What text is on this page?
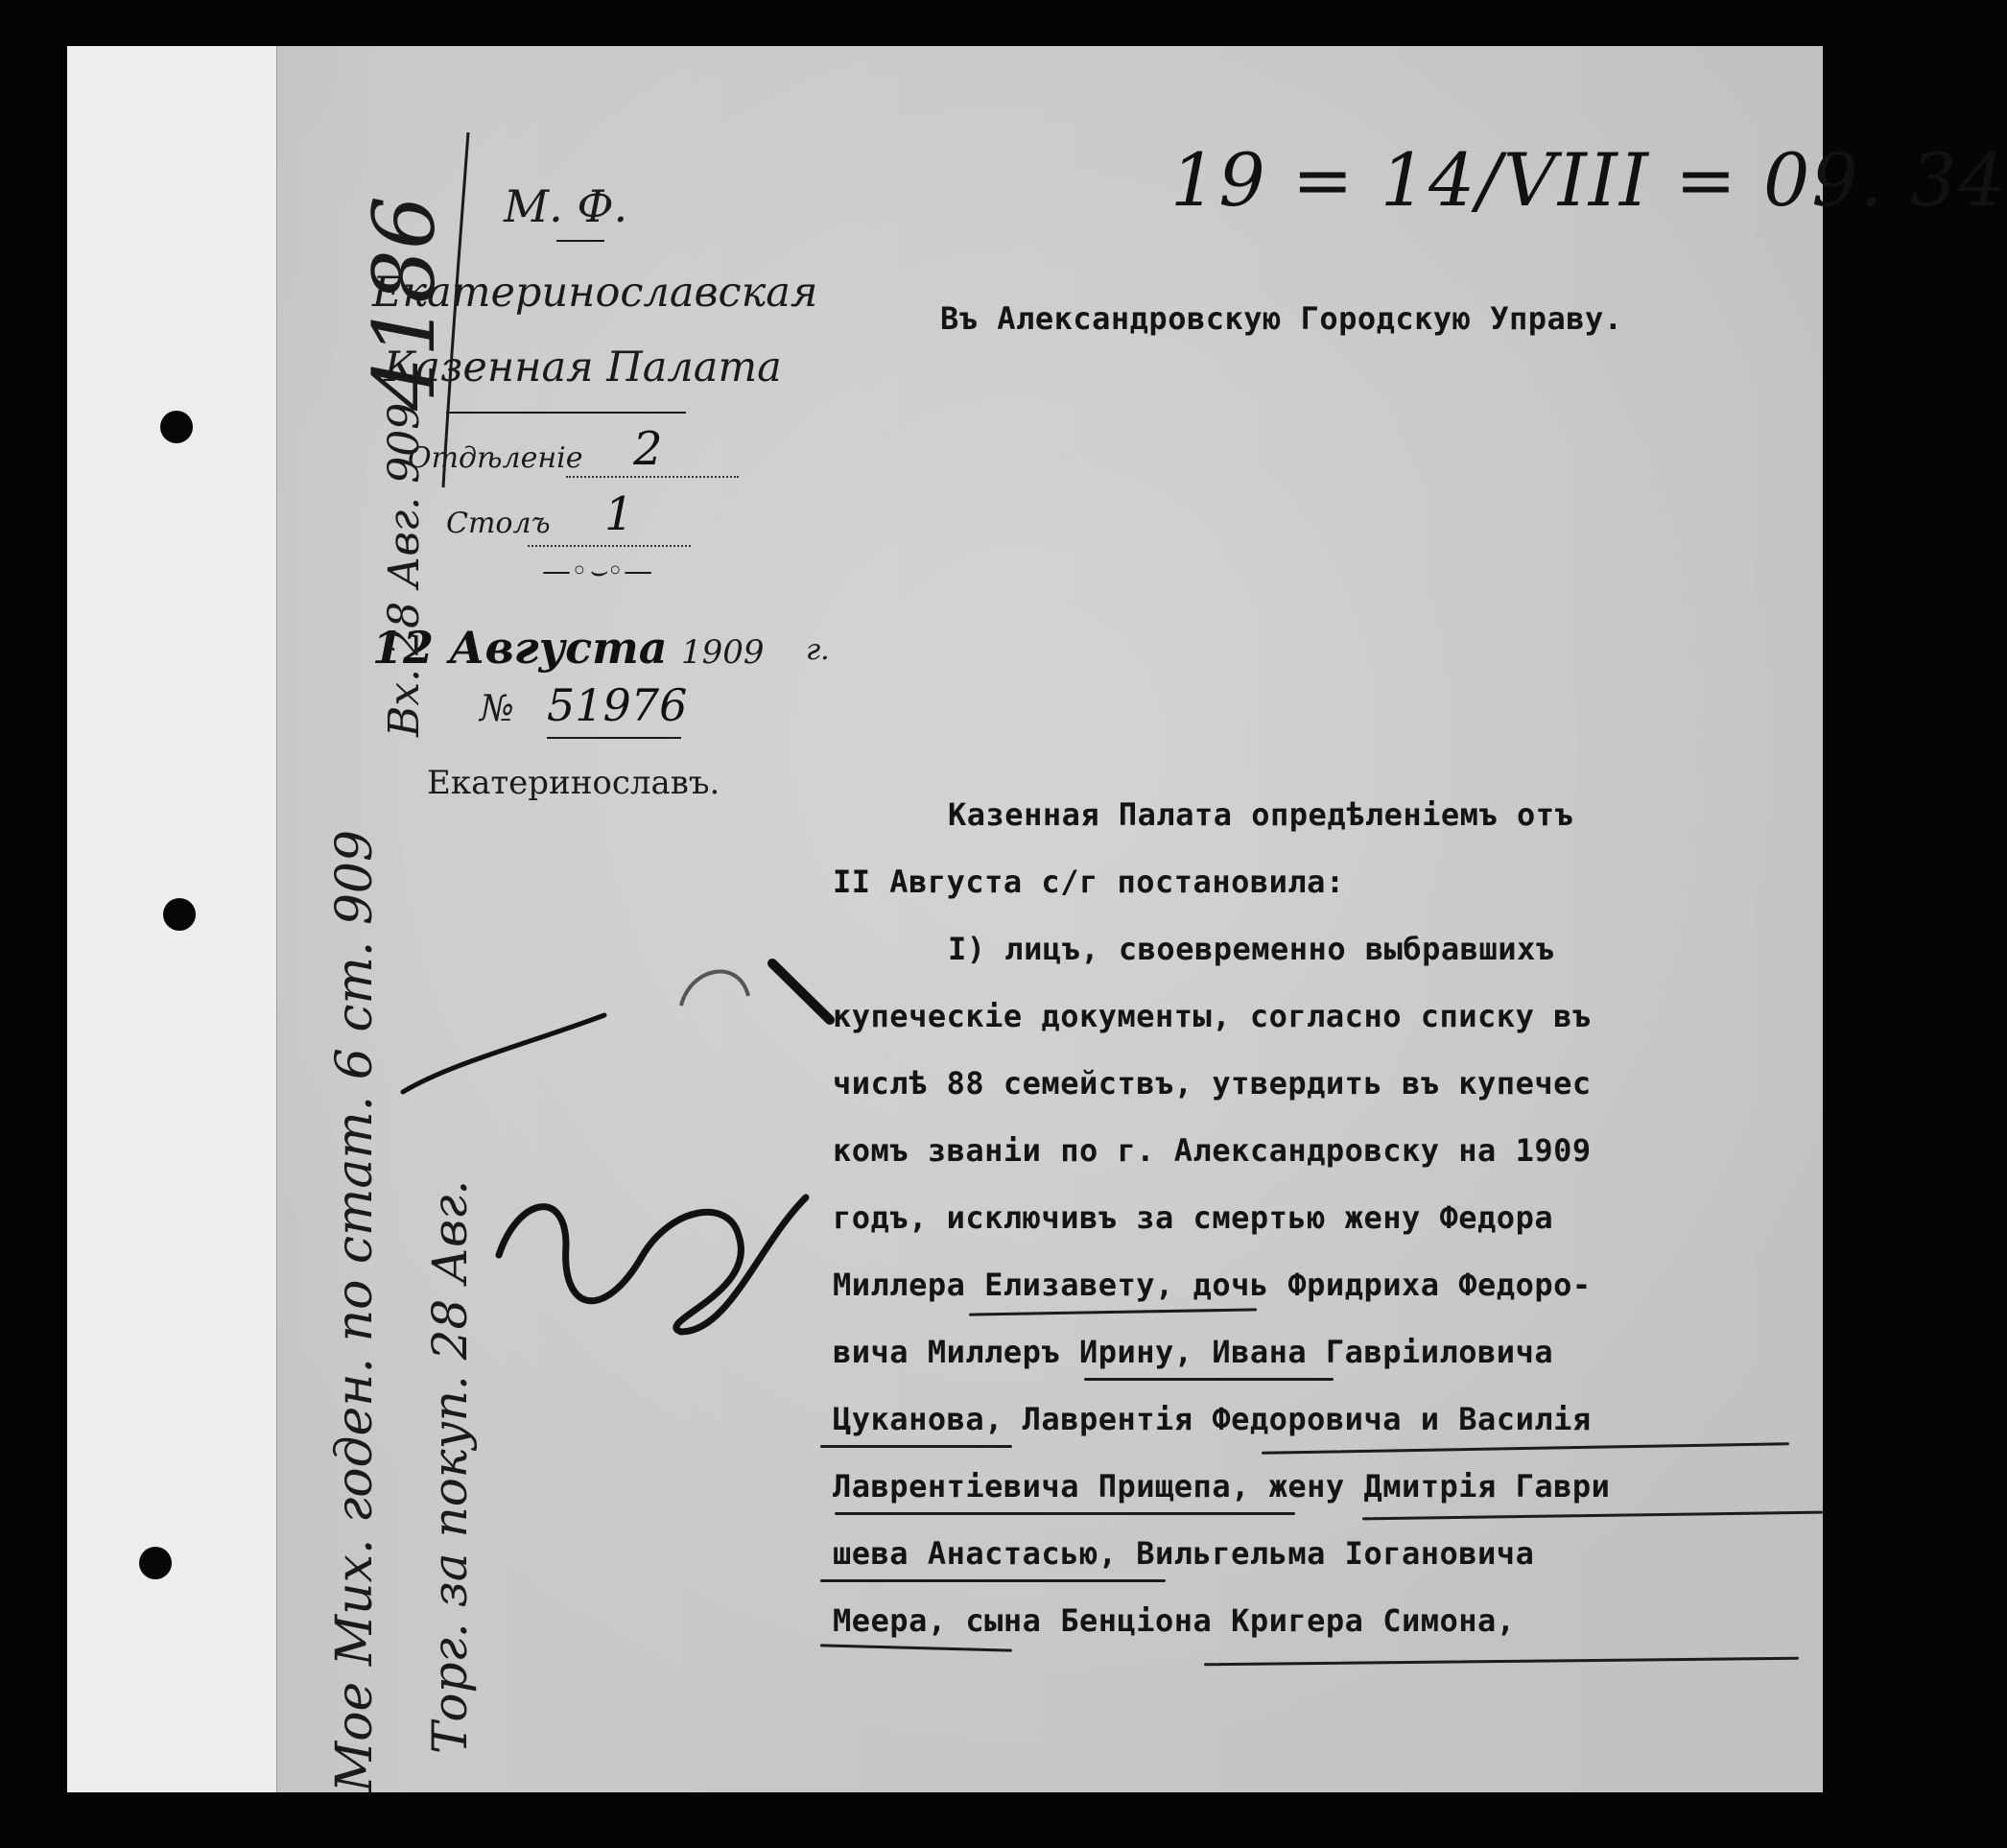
19 = 14/VIII = 09. 34
М. Ф.
Екатеринославская
Казенная Палата
Отдѣленіе 2
Столъ 1
—◦⌣◦—
12 Августа 1909 г.
№ 51976
Екатеринославъ.
Въ Александровскую Городскую Управу.
Казенная Палата опредѣленіемъ отъ
II Августа с/г постановила:
I) лицъ, своевременно выбравшихъ
купеческіе документы, согласно списку въ
числѣ 88 семействъ, утвердить въ купечес
комъ званіи по г. Александровску на 1909
годъ, исключивъ за смертью жену Федора
Миллера Елизавету, дочь Фридриха Федоро-
вича Миллеръ Ирину, Ивана Гавріиловича
Цуканова, Лаврентія Федоровича и Василія
Лаврентіевича Прищепа, жену Дмитрія Гаври
шева Анастасью, Вильгельма Іогановича
Меера, сына Бенціона Кригера Симона,
4186
Вх. 28 Авг. 909
Мое Мих. годен. по стат. 6 ст. 909 Торг. за покуп. 28 Авг.
